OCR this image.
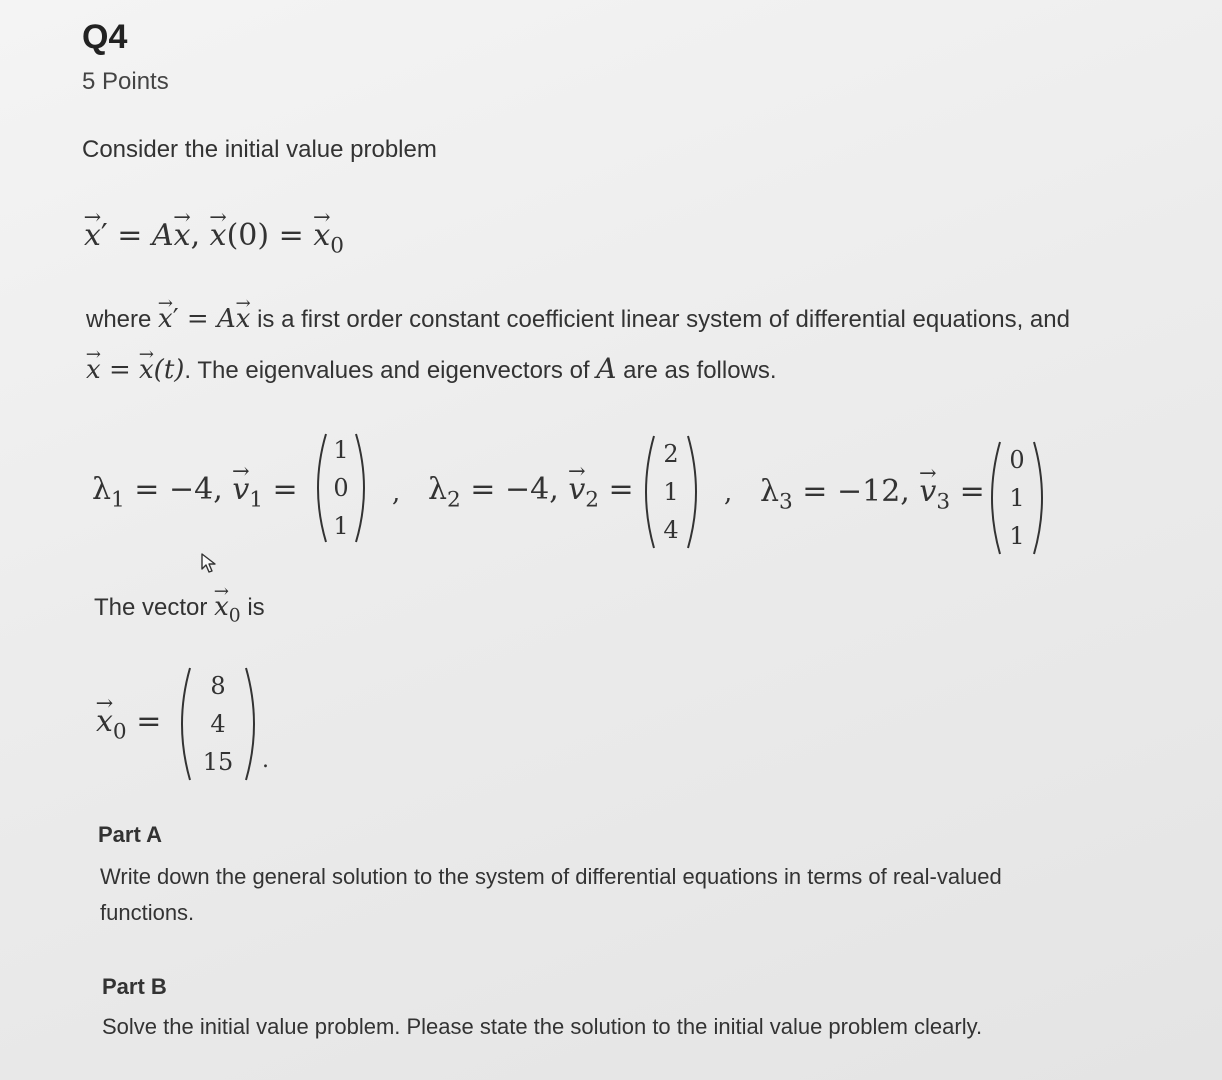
Q4
5 Points
Consider the initial value problem
→ x′ = A→ x, → x(0) = → $x_0$
where → x′ = A→ x is a first order constant coefficient linear system of differential equations, and
→ x = → x(t). The eigenvalues and eigenvectors of A are as follows.
$\lambda_1 = -4$, → $v_1$ =
1
0
1
, $\lambda_2 = -4$, → $v_2$ =
2
1
4
, $\lambda_3 = -12$, → $v_3$ =
0
1
1
The vector → $x_0$ is
→ $x_0$ =
8
4
15 .
Part A
Write down the general solution to the system of differential equations in terms of real-valued
functions.
Part B
Solve the initial value problem. Please state the solution to the initial value problem clearly.
